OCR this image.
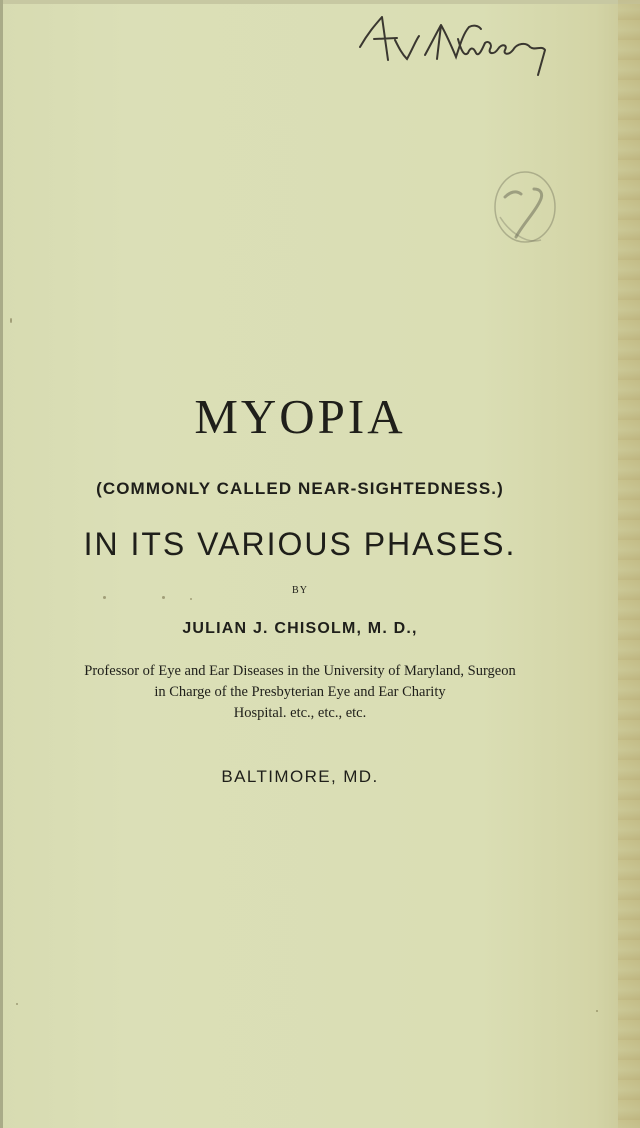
MYOPIA
(COMMONLY CALLED NEAR-SIGHTEDNESS.)
IN ITS VARIOUS PHASES.
BY
JULIAN J. CHISOLM, M. D.,
Professor of Eye and Ear Diseases in the University of Maryland, Surgeon
in Charge of the Presbyterian Eye and Ear Charity
Hospital. etc., etc., etc.
BALTIMORE, MD.
